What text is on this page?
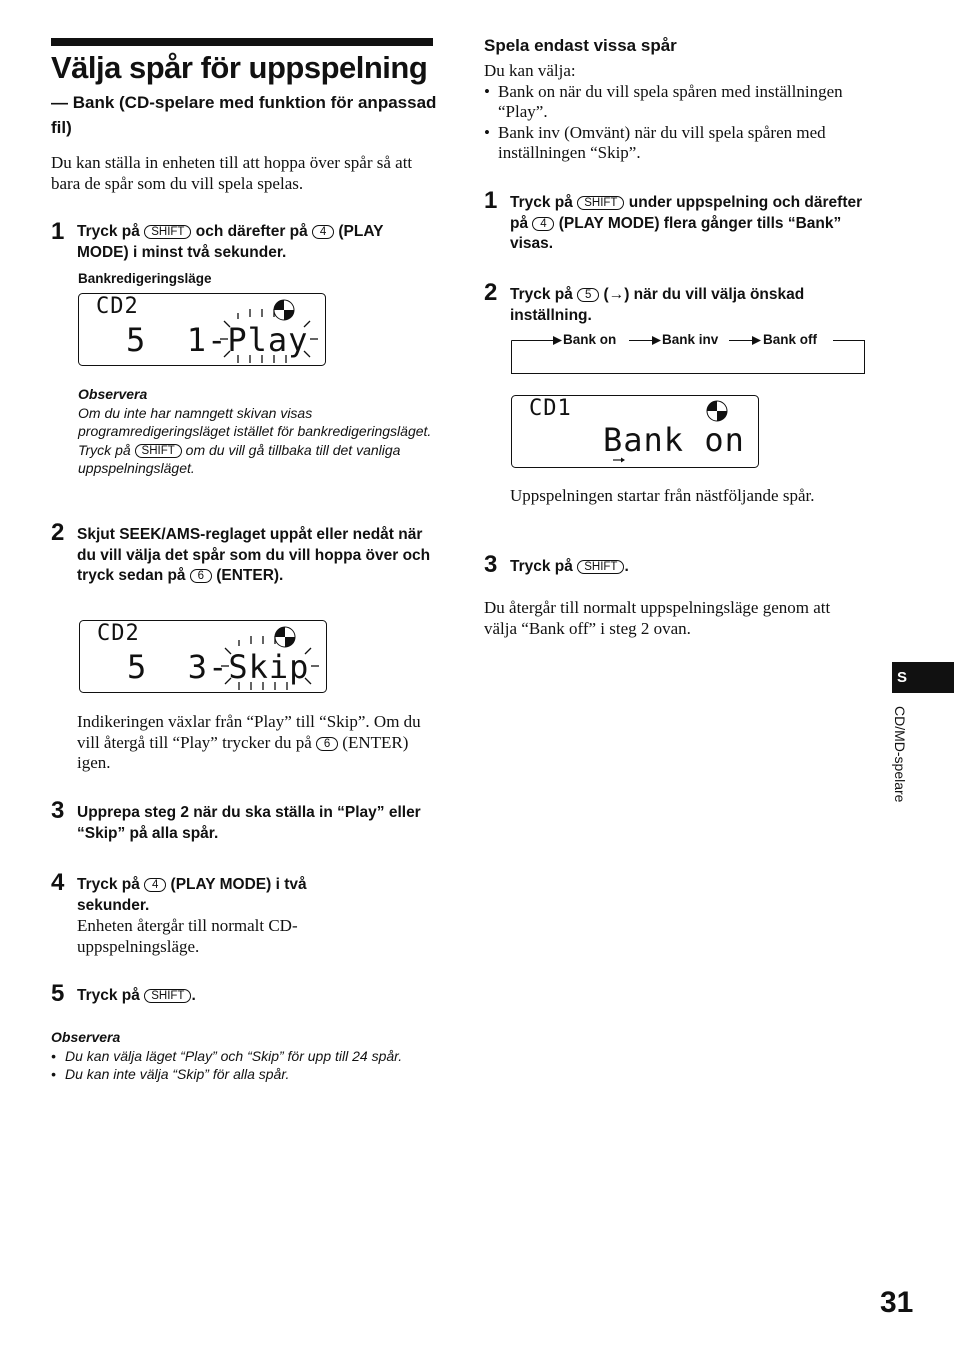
Välja spår för uppspelning
— Bank (CD-spelare med funktion för anpassad fil)
Du kan ställa in enheten till att hoppa över spår så att bara de spår som du vill spela spelas.
1 Tryck på SHIFT och därefter på 4 (PLAY MODE) i minst två sekunder.
Bankredigeringsläge
CD2
5  1-Play
Observera
Om du inte har namngett skivan visas programredigeringsläget istället för bankredigeringsläget. Tryck på SHIFT om du vill gå tillbaka till det vanliga uppspelningsläget.
2 Skjut SEEK/AMS-reglaget uppåt eller nedåt när du vill välja det spår som du vill hoppa över och tryck sedan på 6 (ENTER).
CD2
5  3-Skip
Indikeringen växlar från “Play” till “Skip”. Om du vill återgå till “Play” trycker du på 6 (ENTER) igen.
3 Upprepa steg 2 när du ska ställa in “Play” eller “Skip” på alla spår.
4 Tryck på 4 (PLAY MODE) i två sekunder.
Enheten återgår till normalt CD-uppspelningsläge.
5 Tryck på SHIFT .
Observera
• Du kan välja läget “Play” och “Skip” för upp till 24 spår.
• Du kan inte välja “Skip” för alla spår.
Spela endast vissa spår
Du kan välja:
• Bank on när du vill spela spåren med inställningen “Play”.
• Bank inv (Omvänt) när du vill spela spåren med inställningen “Skip”.
1 Tryck på SHIFT under uppspelning och därefter på 4 (PLAY MODE) flera gånger tills “Bank” visas.
2 Tryck på 5 (→) när du vill välja önskad inställning.
Bank on	Bank inv	Bank off
CD1
Bank on
Uppspelningen startar från nästföljande spår.
3 Tryck på SHIFT .
Du återgår till normalt uppspelningsläge genom att välja “Bank off” i steg 2 ovan.
S
CD/MD-spelare
31
